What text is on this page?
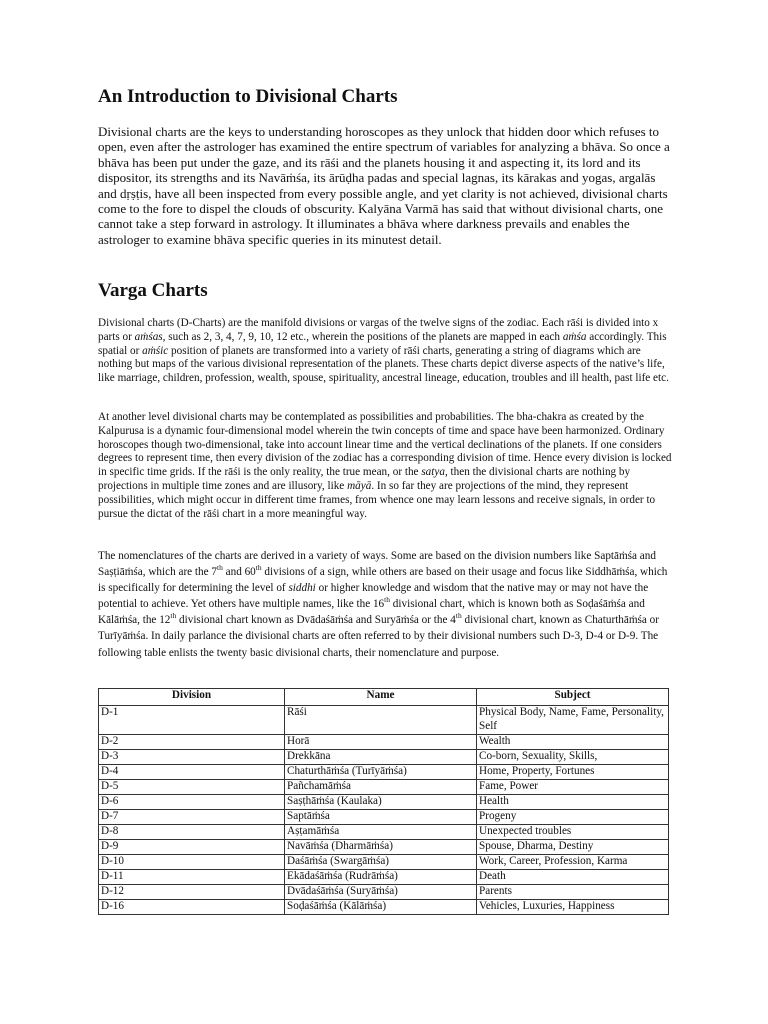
An Introduction to Divisional Charts

Divisional charts are the keys to understanding horoscopes as they unlock that hidden door which refuses to open, even after the astrologer has examined the entire spectrum of variables for analyzing a bhāva. So once a bhāva has been put under the gaze, and its rāśi and the planets housing it and aspecting it, its lord and its dispositor, its strengths and its Navāṁśa, its ārūḍha padas and special lagnas, its kārakas and yogas, argalās and dṛṣṭis, have all been inspected from every possible angle, and yet clarity is not achieved, divisional charts come to the fore to dispel the clouds of obscurity. Kalyāna Varmā has said that without divisional charts, one cannot take a step forward in astrology. It illuminates a bhāva where darkness prevails and enables the astrologer to examine bhāva specific queries in its minutest detail.

Varga Charts

Divisional charts (D-Charts) are the manifold divisions or vargas of the twelve signs of the zodiac. Each rāśi is divided into x parts or aṁśas, such as 2, 3, 4, 7, 9, 10, 12 etc., wherein the positions of the planets are mapped in each aṁśa accordingly. This spatial or aṁśic position of planets are transformed into a variety of rāśi charts, generating a string of diagrams which are nothing but maps of the various divisional representation of the planets. These charts depict diverse aspects of the native’s life, like marriage, children, profession, wealth, spouse, spirituality, ancestral lineage, education, troubles and ill health, past life etc.

At another level divisional charts may be contemplated as possibilities and probabilities. The bha-chakra as created by the Kalpurusa is a dynamic four-dimensional model wherein the twin concepts of time and space have been harmonized. Ordinary horoscopes though two-dimensional, take into account linear time and the vertical declinations of the planets. If one considers degrees to represent time, then every division of the zodiac has a corresponding division of time. Hence every division is locked in specific time grids. If the rāśi is the only reality, the true mean, or the satya, then the divisional charts are nothing by projections in multiple time zones and are illusory, like māyā. In so far they are projections of the mind, they represent possibilities, which might occur in different time frames, from whence one may learn lessons and receive signals, in order to pursue the dictat of the rāśi chart in a more meaningful way.

The nomenclatures of the charts are derived in a variety of ways. Some are based on the division numbers like Saptāṁśa and Saṣṭiāṁśa, which are the 7th and 60th divisions of a sign, while others are based on their usage and focus like Siddhāṁśa, which is specifically for determining the level of siddhi or higher knowledge and wisdom that the native may or may not have the potential to achieve. Yet others have multiple names, like the 16th divisional chart, which is known both as Soḍaśāṁśa and Kālāṁśa, the 12th divisional chart known as Dvādaśāṁśa and Suryāṁśa or the 4th divisional chart, known as Chaturthāṁśa or Turīyāṁśa. In daily parlance the divisional charts are often referred to by their divisional numbers such D-3, D-4 or D-9. The following table enlists the twenty basic divisional charts, their nomenclature and purpose.

Division	Name	Subject
D-1	Rāśi	Physical Body, Name, Fame, Personality, Self
D-2	Horā	Wealth
D-3	Drekkāna	Co-born, Sexuality, Skills,
D-4	Chaturthāṁśa (Turīyāṁśa)	Home, Property, Fortunes
D-5	Pañchamāṁśa	Fame, Power
D-6	Saṣṭhāṁśa (Kaulaka)	Health
D-7	Saptāṁśa	Progeny
D-8	Aṣṭamāṁśa	Unexpected troubles
D-9	Navāṁśa (Dharmāṁśa)	Spouse, Dharma, Destiny
D-10	Daśāṁśa (Swargāṁśa)	Work, Career, Profession, Karma
D-11	Ekādaśāṁśa (Rudrāṁśa)	Death
D-12	Dvādaśāṁśa (Suryāṁśa)	Parents
D-16	Soḍaśāṁśa (Kālāṁśa)	Vehicles, Luxuries, Happiness
